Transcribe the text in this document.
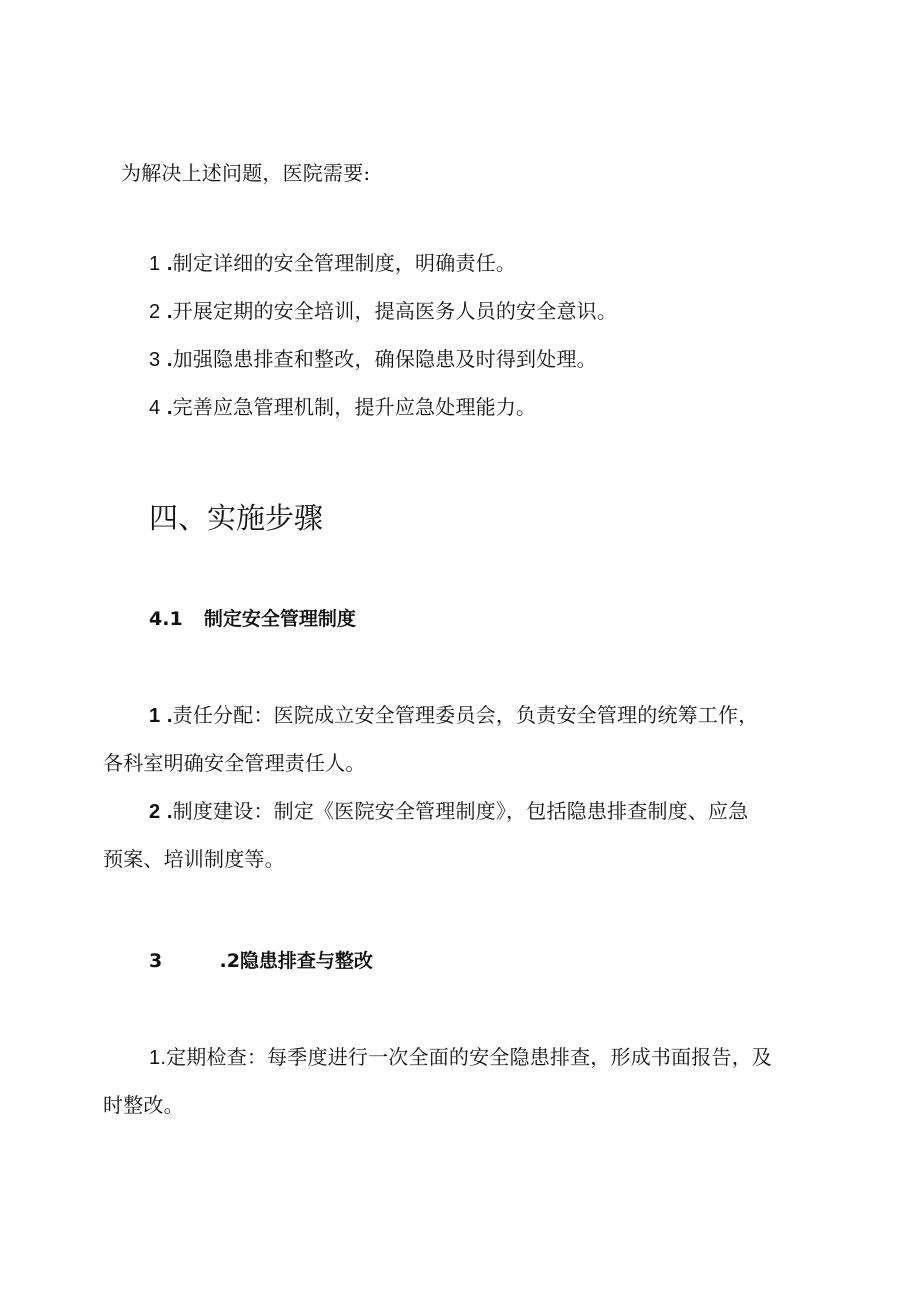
为解决上述问题，医院需要:
1 .制定详细的安全管理制度，明确责任。
2 .开展定期的安全培训，提高医务人员的安全意识。
3 .加强隐患排查和整改，确保隐患及时得到处理。
4 .完善应急管理机制，提升应急处理能力。
四、实施步骤
4.1 制定安全管理制度
1 .责任分配：医院成立安全管理委员会，负责安全管理的统筹工作，
各科室明确安全管理责任人。
2 .制度建设：制定《医院安全管理制度》，包括隐患排查制度、应急
预案、培训制度等。
3	.2隐患排查与整改
1.定期检查：每季度进行一次全面的安全隐患排查，形成书面报告，及
时整改。
